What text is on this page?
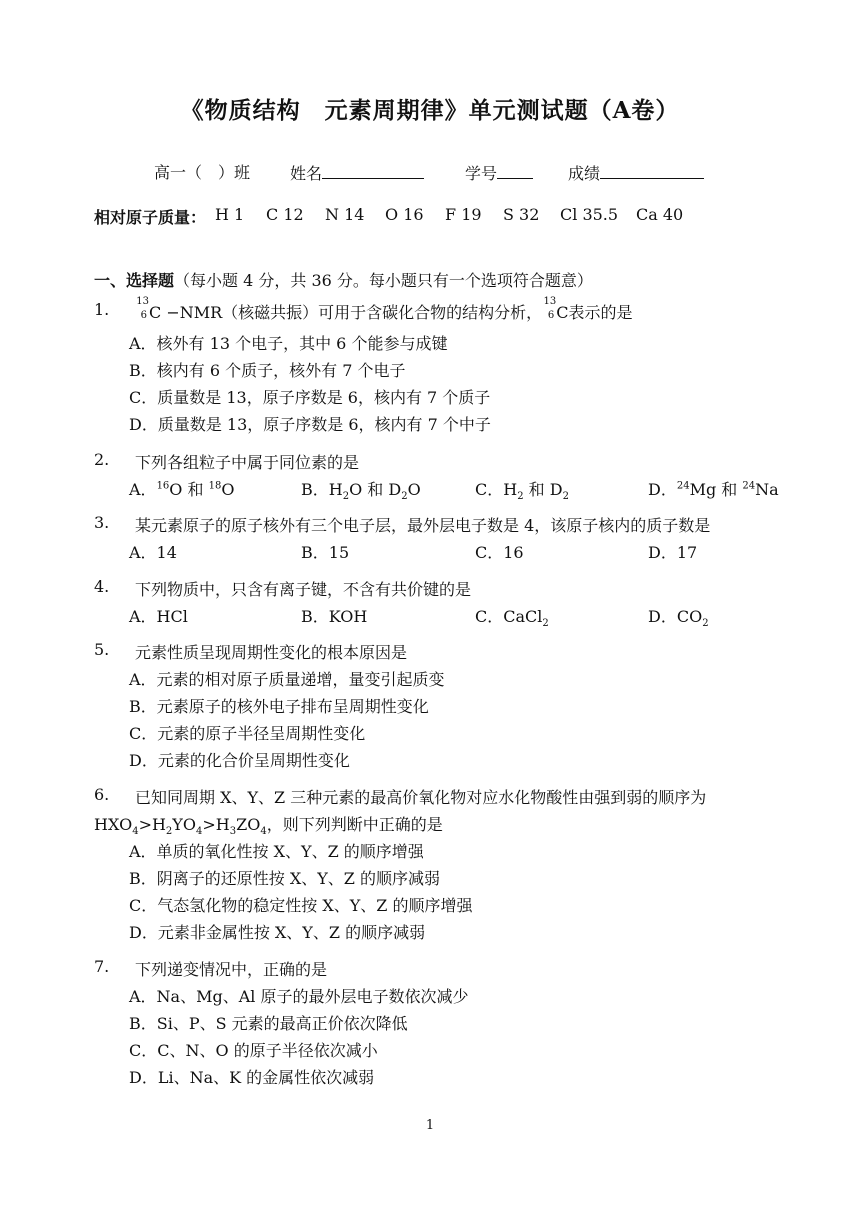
《物质结构　元素周期律》单元测试题（A卷）
高一（　）班 姓名	学号	成绩
相对原子质量： H 1 C 12 N 14 O 16 F 19 S 32 Cl 35.5 Ca 40
一、选择题（每小题 4 分，共 36 分。每小题只有一个选项符合题意）
1.	13
6 C −NMR（核磁共振）可用于含碳化合物的结构分析，
13
6 C表示的是
A．核外有 13 个电子，其中 6 个能参与成键
B．核内有 6 个质子，核外有 7 个电子
C．质量数是 13，原子序数是 6，核内有 7 个质子
D．质量数是 13，原子序数是 6，核内有 7 个中子
2. 下列各组粒子中属于同位素的是
A．$^{16}$O 和 $^{18}$O	B．$H_2O$ 和 $D_2O$	C．$H_2$ 和 $D_2$	D．$^{24}$Mg 和 $^{24}$Na
3. 某元素原子的原子核外有三个电子层，最外层电子数是 4，该原子核内的质子数是
A．14	B．15	C．16	D．17
4. 下列物质中，只含有离子键，不含有共价键的是
A．HCl	B．KOH	C．CaCl$_2$	D．$CO_2$
5. 元素性质呈现周期性变化的根本原因是
A．元素的相对原子质量递增，量变引起质变
B．元素原子的核外电子排布呈周期性变化
C．元素的原子半径呈周期性变化
D．元素的化合价呈周期性变化
6. 已知同周期 X、Y、Z 三种元素的最高价氧化物对应水化物酸性由强到弱的顺序为
$HXO_4>H_2YO_4>H_3ZO_4$，则下列判断中正确的是
A．单质的氧化性按 X、Y、Z 的顺序增强
B．阴离子的还原性按 X、Y、Z 的顺序减弱
C．气态氢化物的稳定性按 X、Y、Z 的顺序增强
D．元素非金属性按 X、Y、Z 的顺序减弱
7. 下列递变情况中，正确的是
A．Na、Mg、Al 原子的最外层电子数依次减少
B．Si、P、S 元素的最高正价依次降低
C．C、N、O 的原子半径依次减小
D．Li、Na、K 的金属性依次减弱
1
